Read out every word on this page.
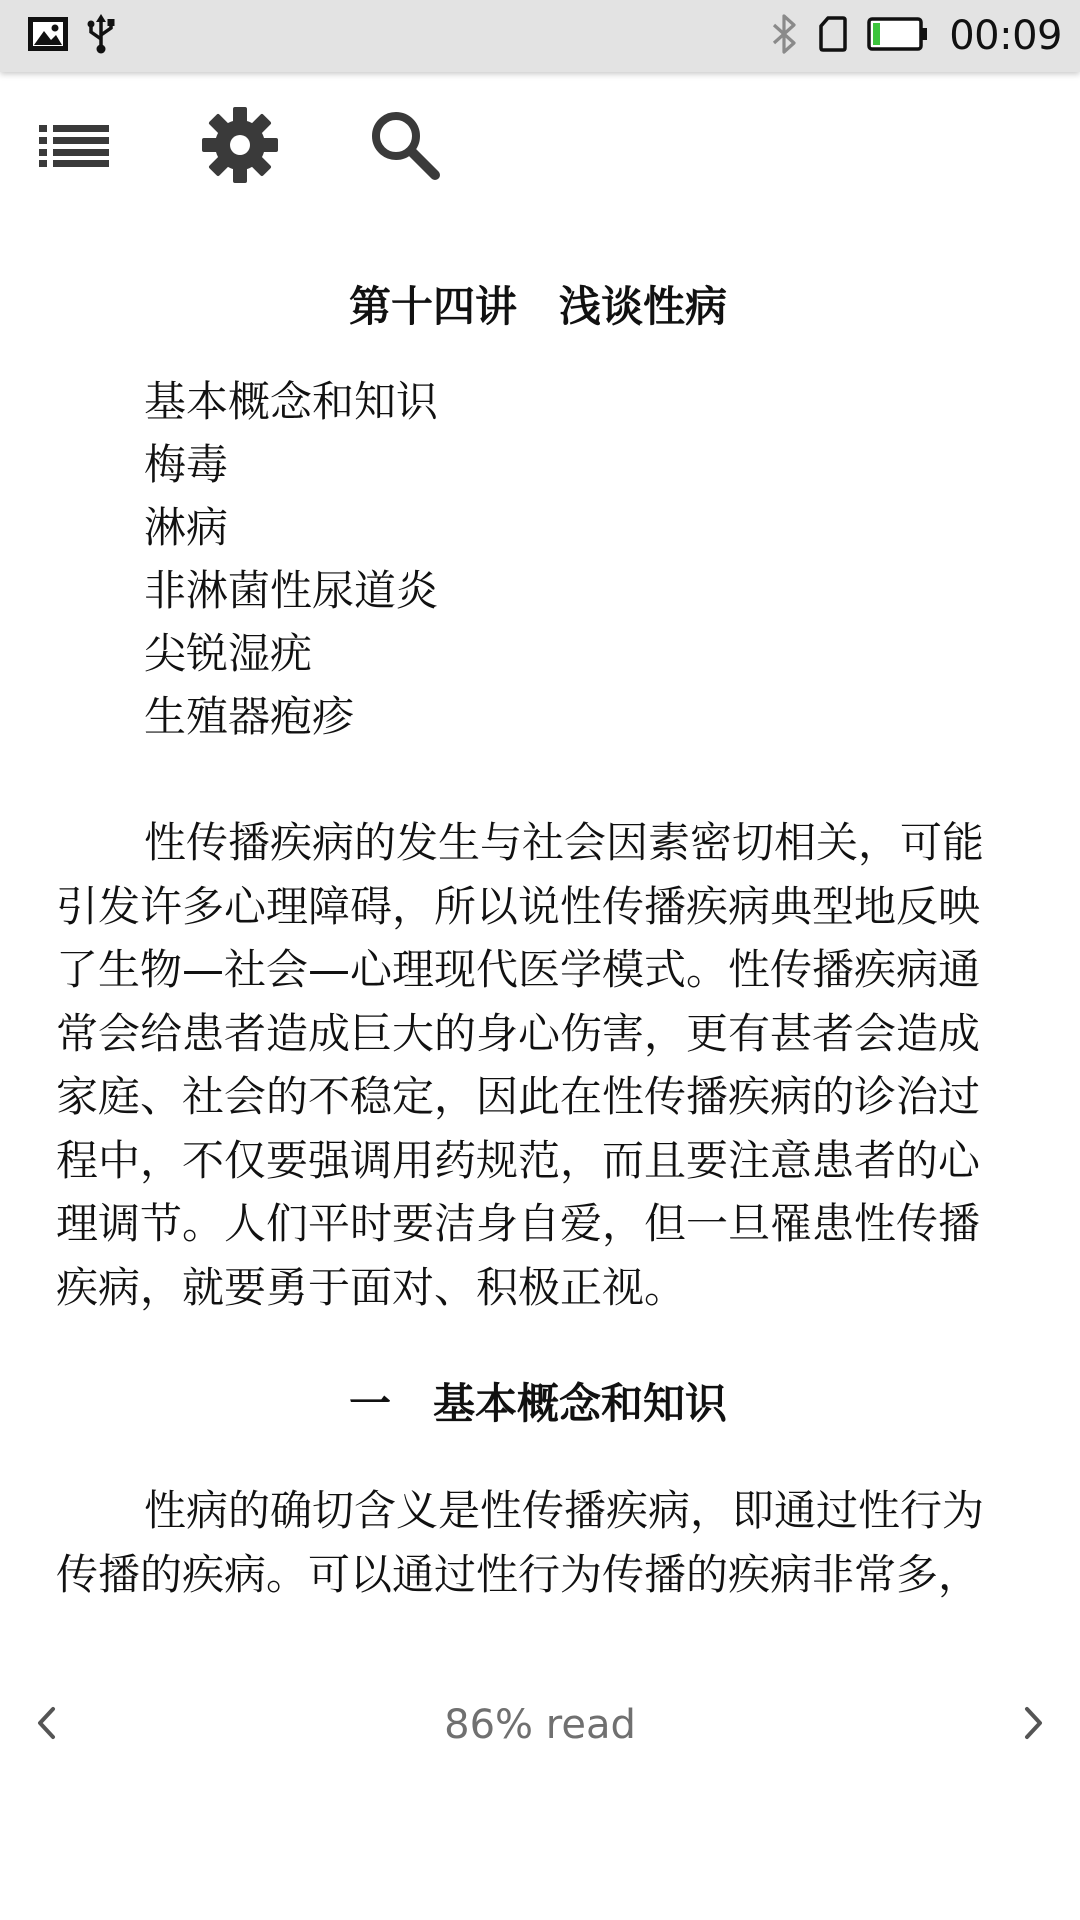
00:09
第十四讲　浅谈性病
基本概念和知识
梅毒
淋病
非淋菌性尿道炎
尖锐湿疣
生殖器疱疹

性传播疾病的发生与社会因素密切相关，可能引发许多心理障碍，所以说性传播疾病典型地反映了生物—社会—心理现代医学模式。性传播疾病通常会给患者造成巨大的身心伤害，更有甚者会造成家庭、社会的不稳定，因此在性传播疾病的诊治过程中，不仅要强调用药规范，而且要注意患者的心理调节。人们平时要洁身自爱，但一旦罹患性传播疾病，就要勇于面对、积极正视。

一　基本概念和知识

性病的确切含义是性传播疾病，即通过性行为传播的疾病。可以通过性行为传播的疾病非常多，

86% read
